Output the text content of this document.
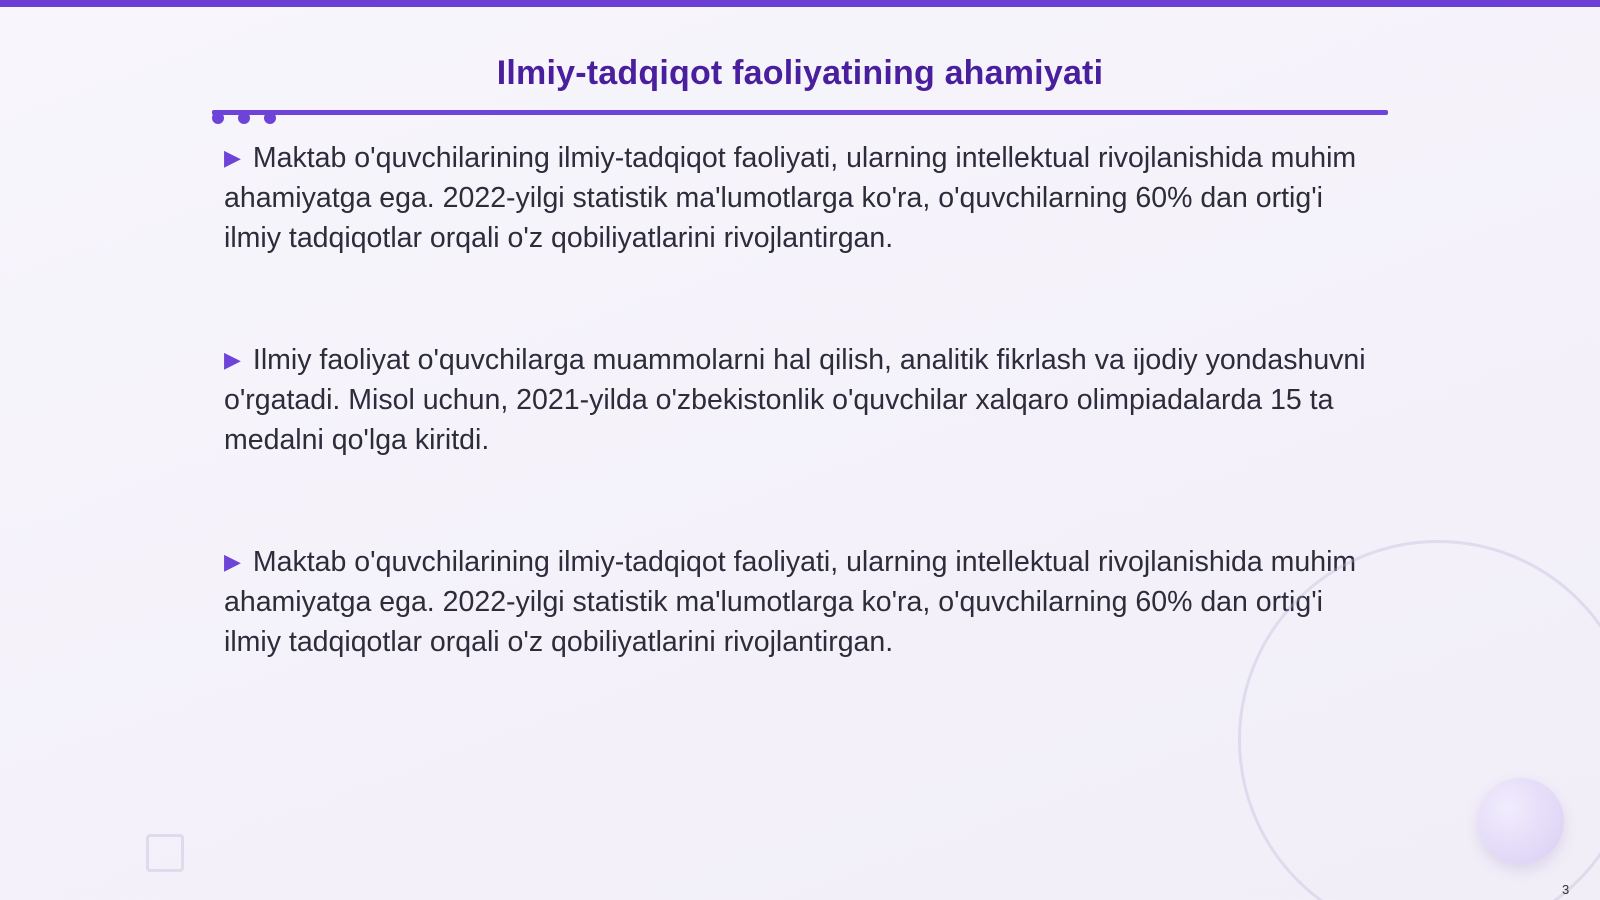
Ilmiy-tadqiqot faoliyatining ahamiyati

▶ Maktab o'quvchilarining ilmiy-tadqiqot faoliyati, ularning intellektual rivojlanishida muhim ahamiyatga ega. 2022-yilgi statistik ma'lumotlarga ko'ra, o'quvchilarning 60% dan ortig'i ilmiy tadqiqotlar orqali o'z qobiliyatlarini rivojlantirgan.

▶ Ilmiy faoliyat o'quvchilarga muammolarni hal qilish, analitik fikrlash va ijodiy yondashuvni o'rgatadi. Misol uchun, 2021-yilda o'zbekistonlik o'quvchilar xalqaro olimpiadalarda 15 ta medalni qo'lga kiritdi.

▶ Maktab o'quvchilarining ilmiy-tadqiqot faoliyati, ularning intellektual rivojlanishida muhim ahamiyatga ega. 2022-yilgi statistik ma'lumotlarga ko'ra, o'quvchilarning 60% dan ortig'i ilmiy tadqiqotlar orqali o'z qobiliyatlarini rivojlantirgan.

3
